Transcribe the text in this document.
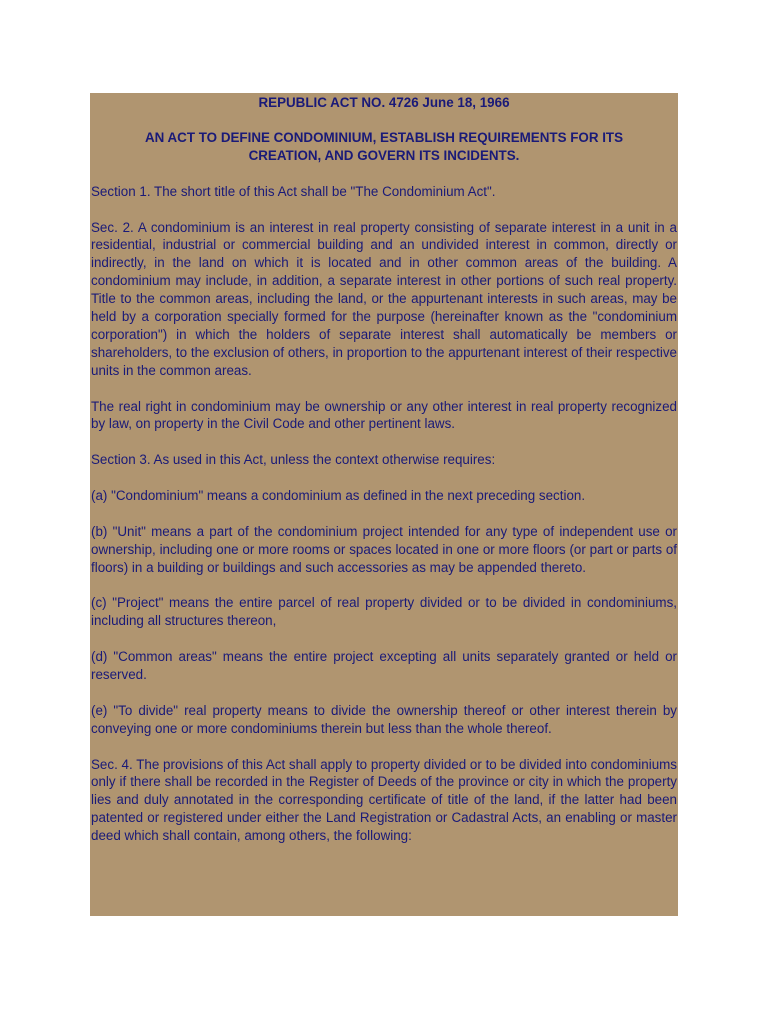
REPUBLIC ACT NO. 4726 June 18, 1966

AN ACT TO DEFINE CONDOMINIUM, ESTABLISH REQUIREMENTS FOR ITS CREATION, AND GOVERN ITS INCIDENTS.

Section 1. The short title of this Act shall be "The Condominium Act".

Sec. 2. A condominium is an interest in real property consisting of separate interest in a unit in a residential, industrial or commercial building and an undivided interest in common, directly or indirectly, in the land on which it is located and in other common areas of the building. A condominium may include, in addition, a separate interest in other portions of such real property. Title to the common areas, including the land, or the appurtenant interests in such areas, may be held by a corporation specially formed for the purpose (hereinafter known as the "condominium corporation") in which the holders of separate interest shall automatically be members or shareholders, to the exclusion of others, in proportion to the appurtenant interest of their respective units in the common areas.

The real right in condominium may be ownership or any other interest in real property recognized by law, on property in the Civil Code and other pertinent laws.

Section 3. As used in this Act, unless the context otherwise requires:

(a) "Condominium" means a condominium as defined in the next preceding section.

(b) "Unit" means a part of the condominium project intended for any type of independent use or ownership, including one or more rooms or spaces located in one or more floors (or part or parts of floors) in a building or buildings and such accessories as may be appended thereto.

(c) "Project" means the entire parcel of real property divided or to be divided in condominiums, including all structures thereon,

(d) "Common areas" means the entire project excepting all units separately granted or held or reserved.

(e) "To divide" real property means to divide the ownership thereof or other interest therein by conveying one or more condominiums therein but less than the whole thereof.

Sec. 4. The provisions of this Act shall apply to property divided or to be divided into condominiums only if there shall be recorded in the Register of Deeds of the province or city in which the property lies and duly annotated in the corresponding certificate of title of the land, if the latter had been patented or registered under either the Land Registration or Cadastral Acts, an enabling or master deed which shall contain, among others, the following:
